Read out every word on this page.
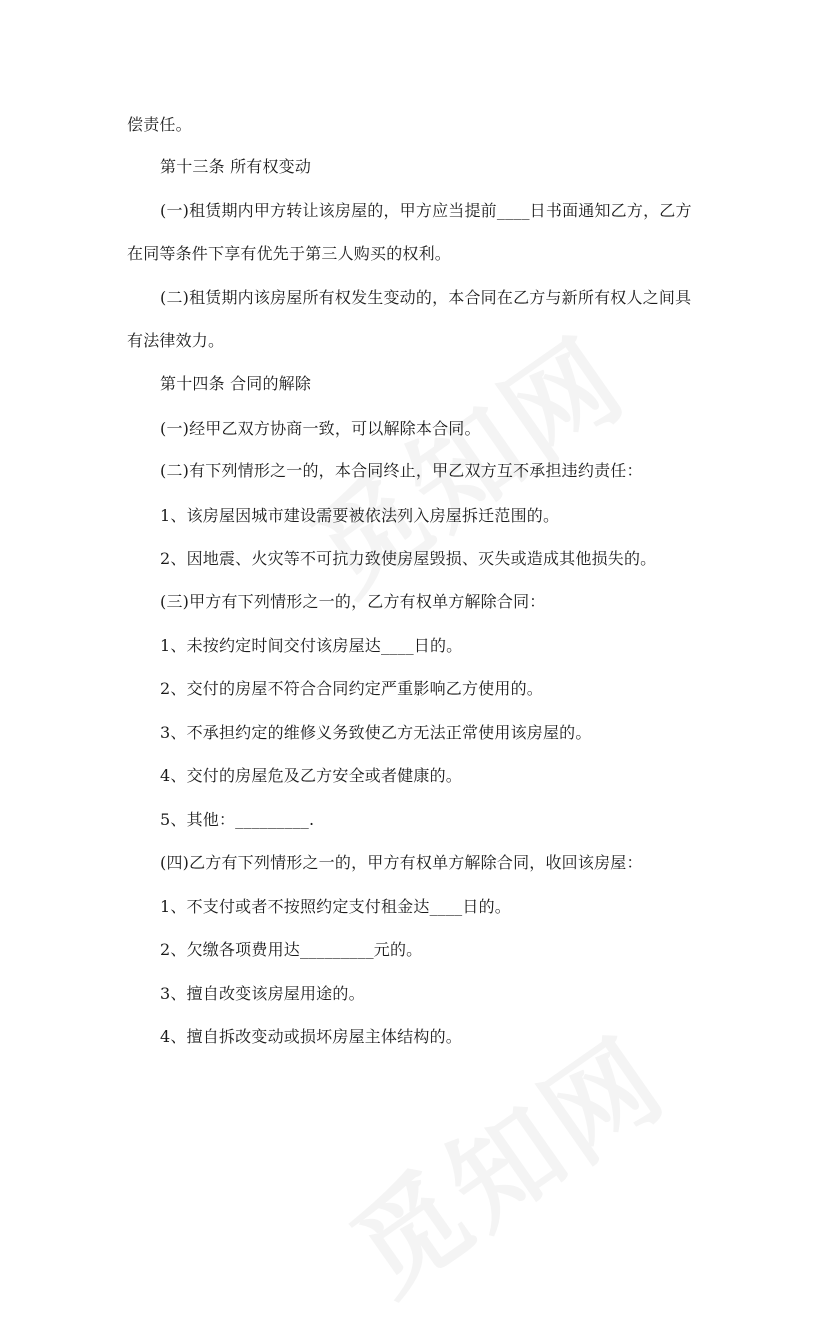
偿责任。

第十三条 所有权变动

(一)租赁期内甲方转让该房屋的，甲方应当提前____日书面通知乙方，乙方

在同等条件下享有优先于第三人购买的权利。

(二)租赁期内该房屋所有权发生变动的，本合同在乙方与新所有权人之间具

有法律效力。

第十四条 合同的解除

(一)经甲乙双方协商一致，可以解除本合同。

(二)有下列情形之一的，本合同终止，甲乙双方互不承担违约责任：

1、该房屋因城市建设需要被依法列入房屋拆迁范围的。

2、因地震、火灾等不可抗力致使房屋毁损、灭失或造成其他损失的。

(三)甲方有下列情形之一的，乙方有权单方解除合同：

1、未按约定时间交付该房屋达____日的。

2、交付的房屋不符合合同约定严重影响乙方使用的。

3、不承担约定的维修义务致使乙方无法正常使用该房屋的。

4、交付的房屋危及乙方安全或者健康的。

5、其他：_________.

(四)乙方有下列情形之一的，甲方有权单方解除合同，收回该房屋：

1、不支付或者不按照约定支付租金达____日的。

2、欠缴各项费用达_________元的。

3、擅自改变该房屋用途的。

4、擅自拆改变动或损坏房屋主体结构的。
